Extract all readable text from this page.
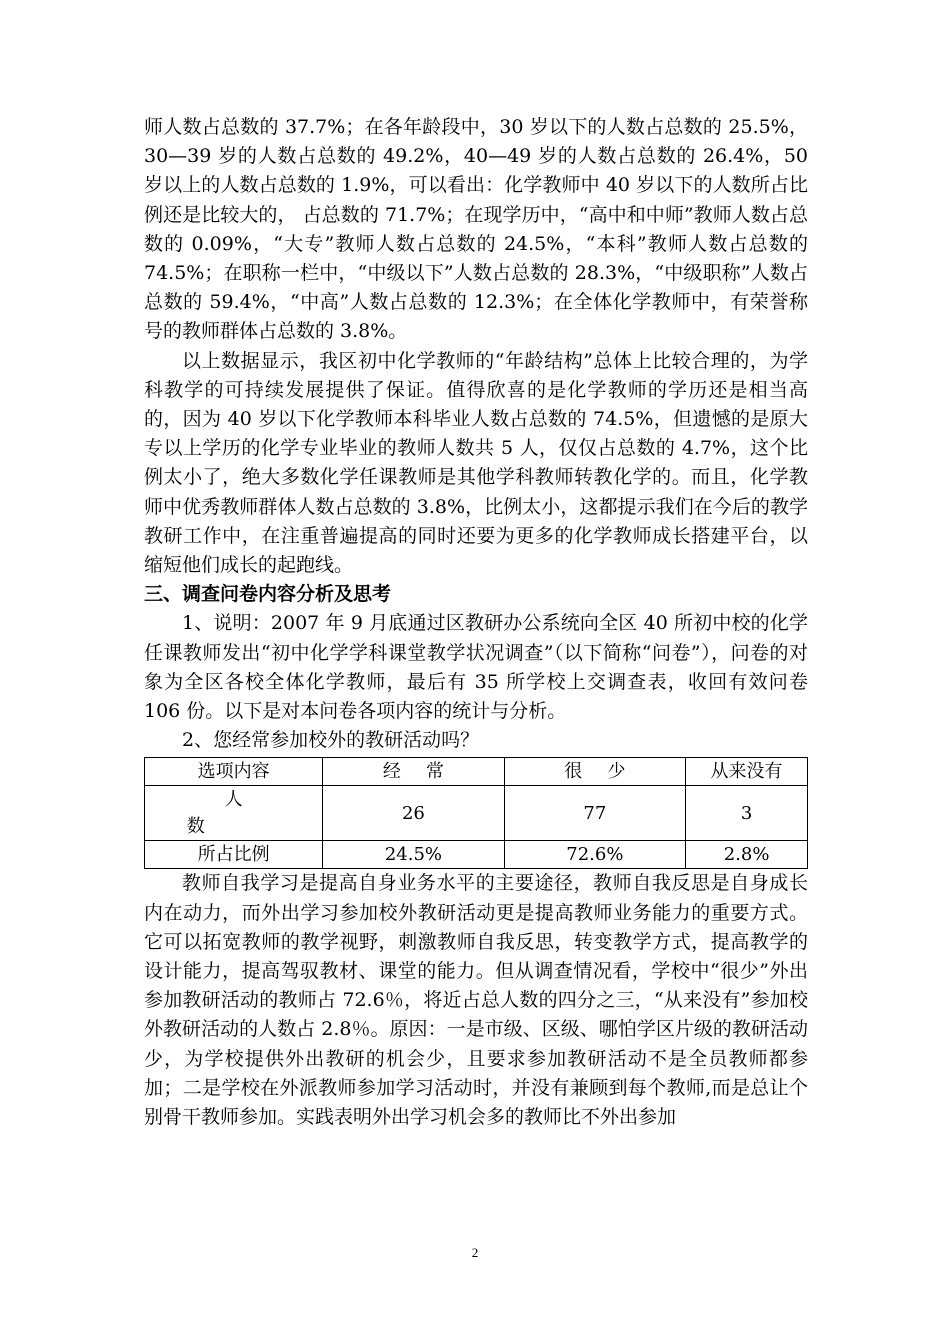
师人数占总数的 37.7%；在各年龄段中，30 岁以下的人数占总数的 25.5%，30—39 岁的人数占总数的 49.2%，40—49 岁的人数占总数的 26.4%，50 岁以上的人数占总数的 1.9%，可以看出：化学教师中 40 岁以下的人数所占比例还是比较大的， 占总数的 71.7%；在现学历中，“高中和中师”教师人数占总数的 0.09%，“大专”教师人数占总数的 24.5%，“本科”教师人数占总数的 74.5%；在职称一栏中，“中级以下”人数占总数的 28.3%，“中级职称”人数占总数的 59.4%，“中高”人数占总数的 12.3%；在全体化学教师中，有荣誉称号的教师群体占总数的 3.8%。

以上数据显示，我区初中化学教师的“年龄结构”总体上比较合理的，为学科教学的可持续发展提供了保证。值得欣喜的是化学教师的学历还是相当高的，因为 40 岁以下化学教师本科毕业人数占总数的 74.5%，但遗憾的是原大专以上学历的化学专业毕业的教师人数共 5 人，仅仅占总数的 4.7%，这个比例太小了，绝大多数化学任课教师是其他学科教师转教化学的。而且，化学教师中优秀教师群体人数占总数的 3.8%，比例太小，这都提示我们在今后的教学教研工作中，在注重普遍提高的同时还要为更多的化学教师成长搭建平台，以缩短他们成长的起跑线。

三、调查问卷内容分析及思考

1、说明：2007 年 9 月底通过区教研办公系统向全区 40 所初中校的化学任课教师发出“初中化学学科课堂教学状况调查”（以下简称“问卷”），问卷的对象为全区各校全体化学教师，最后有 35 所学校上交调查表，收回有效问卷 106 份。以下是对本问卷各项内容的统计与分析。

2、您经常参加校外的教研活动吗？

选项内容	经常	很少	从来没有
人数	26	77	3
所占比例	24.5%	72.6%	2.8%

教师自我学习是提高自身业务水平的主要途径，教师自我反思是自身成长内在动力，而外出学习参加校外教研活动更是提高教师业务能力的重要方式。它可以拓宽教师的教学视野，刺激教师自我反思，转变教学方式，提高教学的设计能力，提高驾驭教材、课堂的能力。但从调查情况看，学校中“很少”外出参加教研活动的教师占 72.6％，将近占总人数的四分之三，“从来没有”参加校外教研活动的人数占 2.8％。原因：一是市级、区级、哪怕学区片级的教研活动少，为学校提供外出教研的机会少，且要求参加教研活动不是全员教师都参加；二是学校在外派教师参加学习活动时，并没有兼顾到每个教师,而是总让个别骨干教师参加。实践表明外出学习机会多的教师比不外出参加

2
